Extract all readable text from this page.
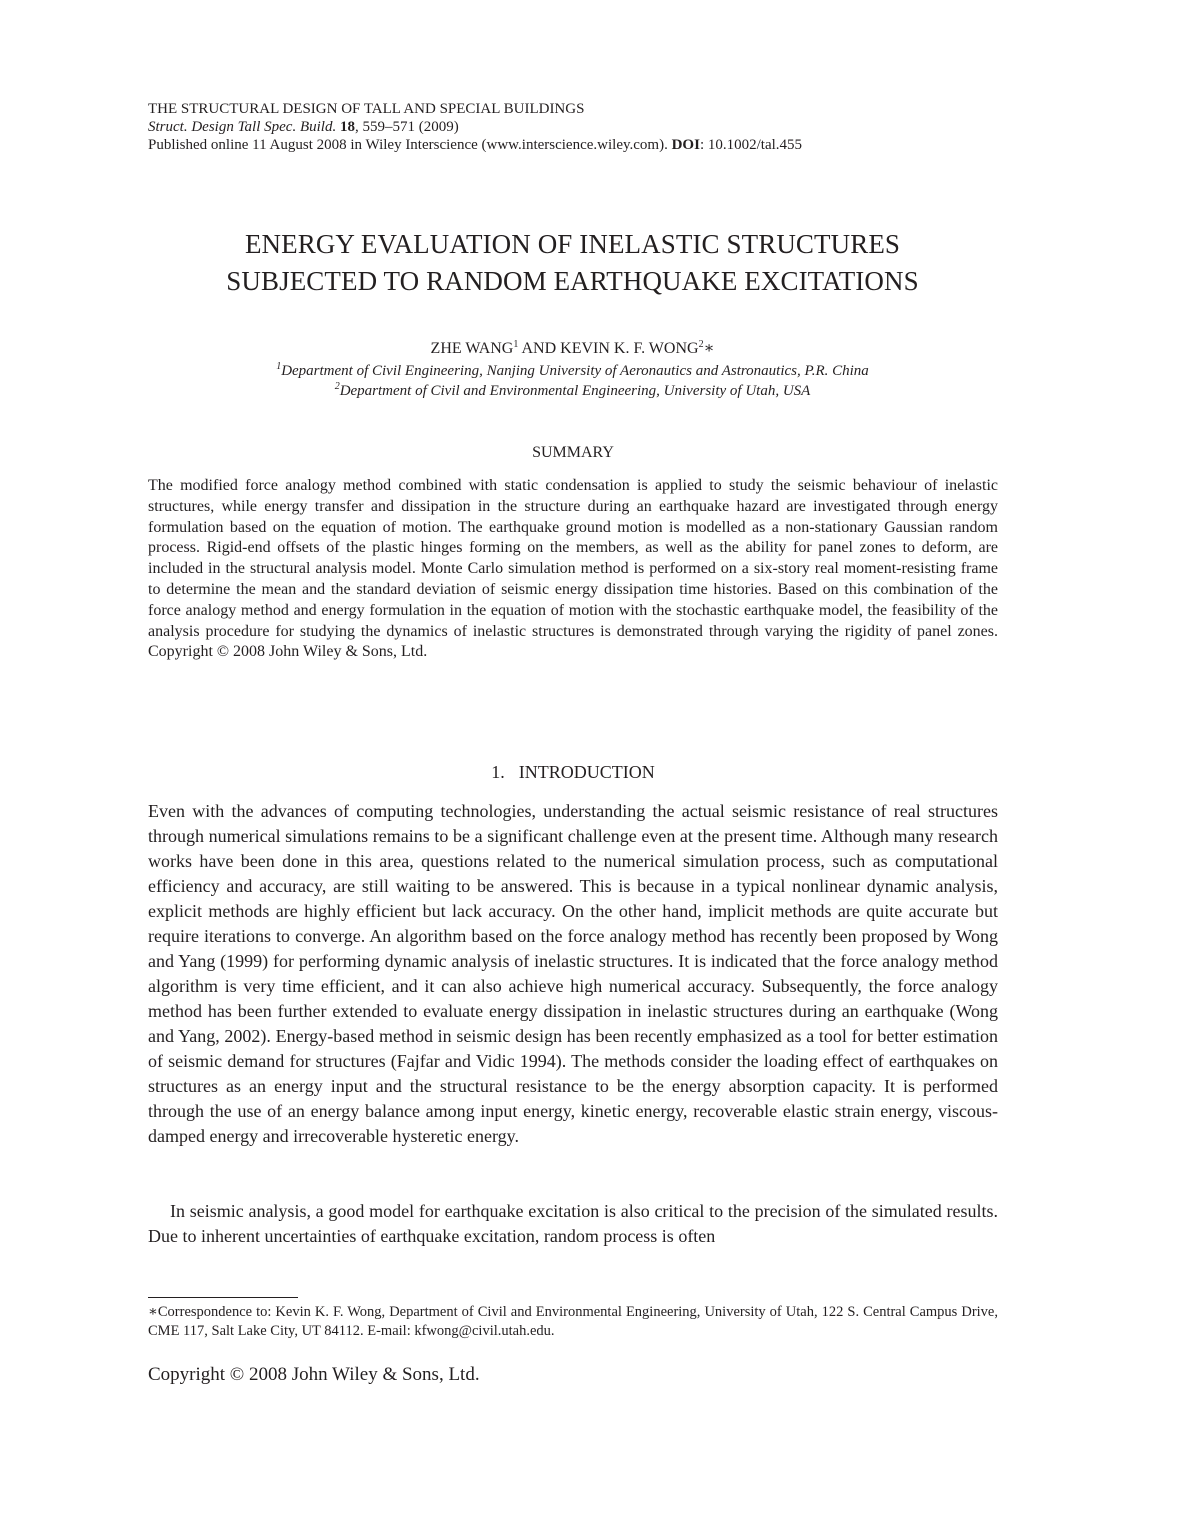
THE STRUCTURAL DESIGN OF TALL AND SPECIAL BUILDINGS
Struct. Design Tall Spec. Build. 18, 559–571 (2009)
Published online 11 August 2008 in Wiley Interscience (www.interscience.wiley.com). DOI: 10.1002/tal.455
ENERGY EVALUATION OF INELASTIC STRUCTURES
SUBJECTED TO RANDOM EARTHQUAKE EXCITATIONS
ZHE WANG$^1$ AND KEVIN K. F. WONG$^2$∗
$^1$Department of Civil Engineering, Nanjing University of Aeronautics and Astronautics, P.R. China
$^2$Department of Civil and Environmental Engineering, University of Utah, USA
SUMMARY
The modified force analogy method combined with static condensation is applied to study the seismic behaviour of inelastic structures, while energy transfer and dissipation in the structure during an earthquake hazard are investigated through energy formulation based on the equation of motion. The earthquake ground motion is modelled as a non-stationary Gaussian random process. Rigid-end offsets of the plastic hinges forming on the members, as well as the ability for panel zones to deform, are included in the structural analysis model. Monte Carlo simulation method is performed on a six-story real moment-resisting frame to determine the mean and the standard deviation of seismic energy dissipation time histories. Based on this combination of the force analogy method and energy formulation in the equation of motion with the stochastic earthquake model, the feasibility of the analysis procedure for studying the dynamics of inelastic structures is demonstrated through varying the rigidity of panel zones. Copyright © 2008 John Wiley & Sons, Ltd.
1. INTRODUCTION
Even with the advances of computing technologies, understanding the actual seismic resistance of real structures through numerical simulations remains to be a significant challenge even at the present time. Although many research works have been done in this area, questions related to the numerical simulation process, such as computational efficiency and accuracy, are still waiting to be answered. This is because in a typical nonlinear dynamic analysis, explicit methods are highly efficient but lack accuracy. On the other hand, implicit methods are quite accurate but require iterations to converge. An algorithm based on the force analogy method has recently been proposed by Wong and Yang (1999) for performing dynamic analysis of inelastic structures. It is indicated that the force analogy method algorithm is very time efficient, and it can also achieve high numerical accuracy. Subsequently, the force analogy method has been further extended to evaluate energy dissipation in inelastic structures during an earthquake (Wong and Yang, 2002). Energy-based method in seismic design has been recently emphasized as a tool for better estimation of seismic demand for structures (Fajfar and Vidic 1994). The methods consider the loading effect of earthquakes on structures as an energy input and the structural resistance to be the energy absorption capacity. It is performed through the use of an energy balance among input energy, kinetic energy, recoverable elastic strain energy, viscous-damped energy and irrecoverable hysteretic energy.
In seismic analysis, a good model for earthquake excitation is also critical to the precision of the simulated results. Due to inherent uncertainties of earthquake excitation, random process is often
∗Correspondence to: Kevin K. F. Wong, Department of Civil and Environmental Engineering, University of Utah, 122 S. Central Campus Drive, CME 117, Salt Lake City, UT 84112. E-mail: kfwong@civil.utah.edu.
Copyright © 2008 John Wiley & Sons, Ltd.
